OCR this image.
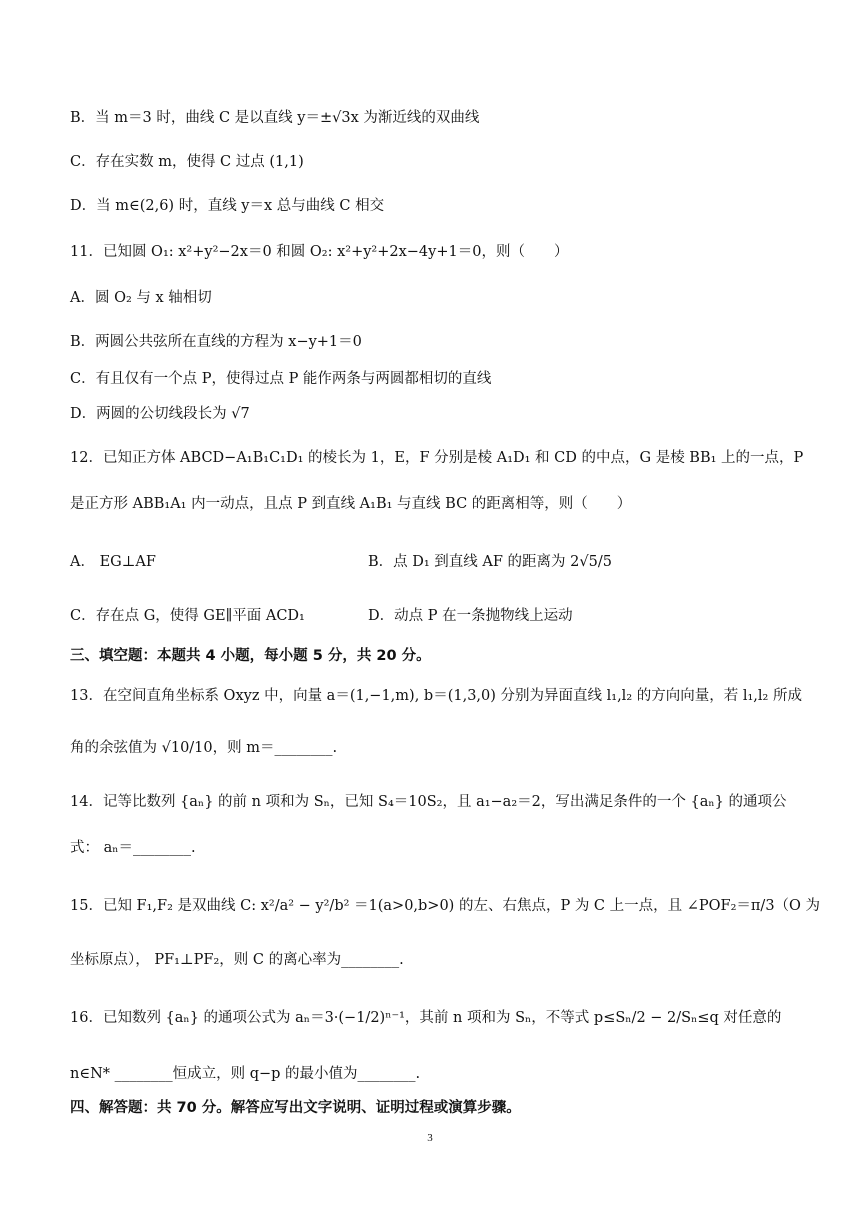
B．当 m＝3 时，曲线 C 是以直线 y＝±√3x 为渐近线的双曲线
C．存在实数 m，使得 C 过点 (1,1)
D．当 m∈(2,6) 时，直线 y＝x 总与曲线 C 相交
11．已知圆 O₁: x²+y²−2x＝0 和圆 O₂: x²+y²+2x−4y+1＝0，则（　　）
A．圆 O₂ 与 x 轴相切
B．两圆公共弦所在直线的方程为 x−y+1＝0
C．有且仅有一个点 P，使得过点 P 能作两条与两圆都相切的直线
D．两圆的公切线段长为 √7
12．已知正方体 ABCD−A₁B₁C₁D₁ 的棱长为 1，E，F 分别是棱 A₁D₁ 和 CD 的中点，G 是棱 BB₁ 上的一点，P
是正方形 ABB₁A₁ 内一动点，且点 P 到直线 A₁B₁ 与直线 BC 的距离相等，则（　　）
A． EG⊥AF	B．点 D₁ 到直线 AF 的距离为 2√5/5
C．存在点 G，使得 GE∥平面 ACD₁	D．动点 P 在一条抛物线上运动
三、填空题：本题共 4 小题，每小题 5 分，共 20 分。
13．在空间直角坐标系 Oxyz 中，向量 a＝(1,−1,m), b＝(1,3,0) 分别为异面直线 l₁,l₂ 的方向向量，若 l₁,l₂ 所成
角的余弦值为 √10/10，则 m＝________.
14．记等比数列 {aₙ} 的前 n 项和为 Sₙ，已知 S₄＝10S₂，且 a₁−a₂＝2，写出满足条件的一个 {aₙ} 的通项公
式： aₙ＝________.
15．已知 F₁,F₂ 是双曲线 C: x²/a² − y²/b² ＝1(a>0,b>0) 的左、右焦点，P 为 C 上一点，且 ∠POF₂＝π/3（O 为
坐标原点）， PF₁⊥PF₂，则 C 的离心率为________.
16．已知数列 {aₙ} 的通项公式为 aₙ＝3·(−1/2)ⁿ⁻¹，其前 n 项和为 Sₙ，不等式 p≤Sₙ/2 − 2/Sₙ≤q 对任意的
n∈N* ________恒成立，则 q−p 的最小值为________.
四、解答题：共 70 分。解答应写出文字说明、证明过程或演算步骤。
3
